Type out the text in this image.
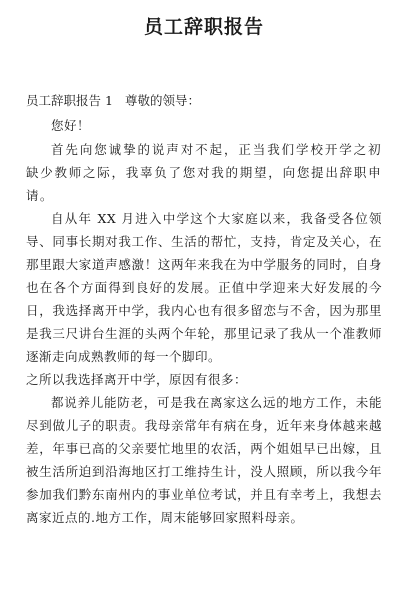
员工辞职报告

员工辞职报告 1 尊敬的领导：

您好！

首先向您诚挚的说声对不起，正当我们学校开学之初缺少教师之际，我辜负了您对我的期望，向您提出辞职申请。

自从年 XX 月进入中学这个大家庭以来，我备受各位领导、同事长期对我工作、生活的帮忙，支持，肯定及关心，在那里跟大家道声感激！这两年来我在为中学服务的同时，自身也在各个方面得到良好的发展。正值中学迎来大好发展的今日，我选择离开中学，我内心也有很多留恋与不舍，因为那里是我三尺讲台生涯的头两个年轮，那里记录了我从一个准教师逐渐走向成熟教师的每一个脚印。

之所以我选择离开中学，原因有很多：

都说养儿能防老，可是我在离家这么远的地方工作，未能尽到做儿子的职责。我母亲常年有病在身，近年来身体越来越差，年事已高的父亲要忙地里的农活，两个姐姐早已出嫁，且被生活所迫到沿海地区打工维持生计，没人照顾，所以我今年参加我们黔东南州内的事业单位考试，并且有幸考上，我想去离家近点的.地方工作，周末能够回家照料母亲。
